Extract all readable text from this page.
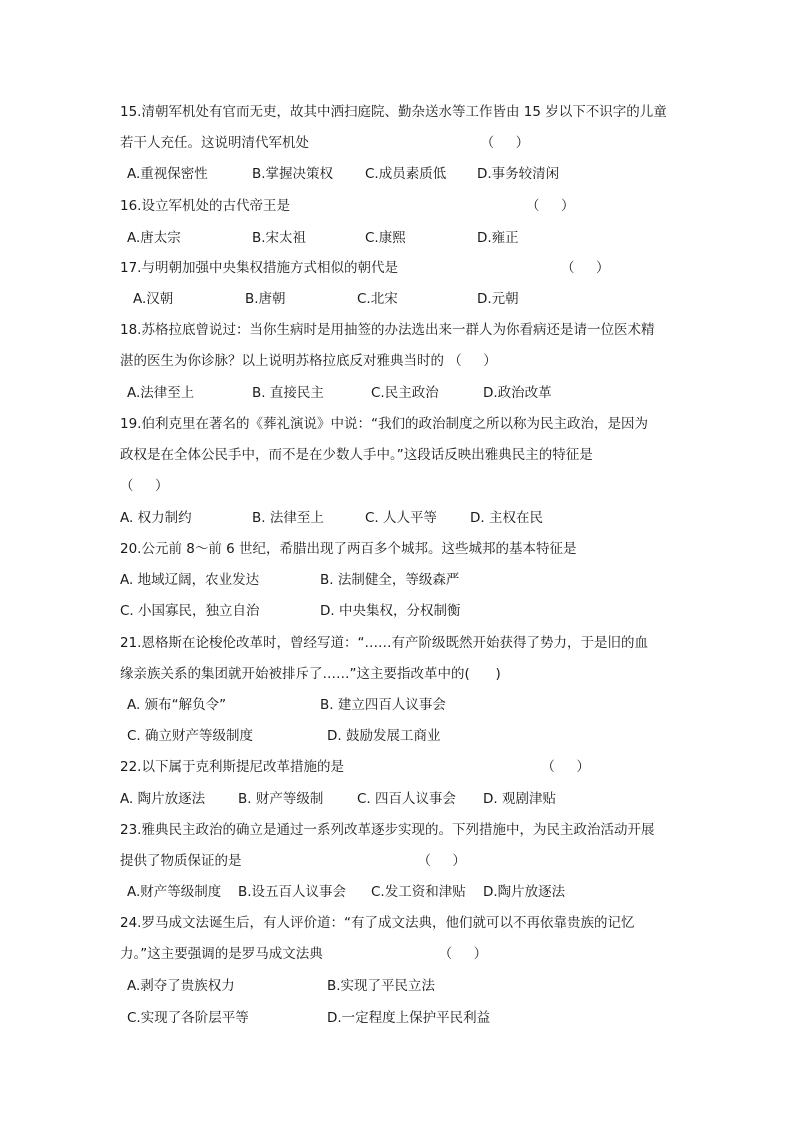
15.清朝军机处有官而无吏，故其中洒扫庭院、勤杂送水等工作皆由 15 岁以下不识字的儿童
若干人充任。这说明清代军机处                                        （     ）
A.重视保密性	B.掌握决策权 C.成员素质低 D.事务较清闲
16.设立军机处的古代帝王是                                                       （     ）
A.唐太宗	B.宋太祖	C.康熙	D.雍正
17.与明朝加强中央集权措施方式相似的朝代是                                      （     ）
A.汉朝	B.唐朝	C.北宋	D.元朝
18.苏格拉底曾说过：当你生病时是用抽签的办法选出来一群人为你看病还是请一位医术精
湛的医生为你诊脉？以上说明苏格拉底反对雅典当时的 （     ）
A.法律至上	B. 直接民主	C.民主政治	D.政治改革
19.伯利克里在著名的《葬礼演说》中说：“我们的政治制度之所以称为民主政治，是因为
政权是在全体公民手中，而不是在少数人手中。”这段话反映出雅典民主的特征是
（     ）
A. 权力制约	B. 法律至上	C. 人人平等 D. 主权在民
20.公元前 8～前 6 世纪，希腊出现了两百多个城邦。这些城邦的基本特征是
A. 地域辽阔，农业发达	B. 法制健全，等级森严
C. 小国寡民，独立自治	D. 中央集权，分权制衡
21.恩格斯在论梭伦改革时，曾经写道：“……有产阶级既然开始获得了势力，于是旧的血
缘亲族关系的集团就开始被排斥了……”这主要指改革中的(      )
A. 颁布“解负令”	B. 建立四百人议事会
C. 确立财产等级制度	D. 鼓励发展工商业
22.以下属于克利斯提尼改革措施的是                                              （     ）
A. 陶片放逐法 B. 财产等级制 C. 四百人议事会 D. 观剧津贴
23.雅典民主政治的确立是通过一系列改革逐步实现的。下列措施中，为民主政治活动开展
提供了物质保证的是                                         （     ）
A.财产等级制度 B.设五百人议事会 C.发工资和津贴 D.陶片放逐法
24.罗马成文法诞生后，有人评价道：“有了成文法典，他们就可以不再依靠贵族的记忆
力。”这主要强调的是罗马成文法典                           （     ）
A.剥夺了贵族权力	B.实现了平民立法
C.实现了各阶层平等	D.一定程度上保护平民利益
